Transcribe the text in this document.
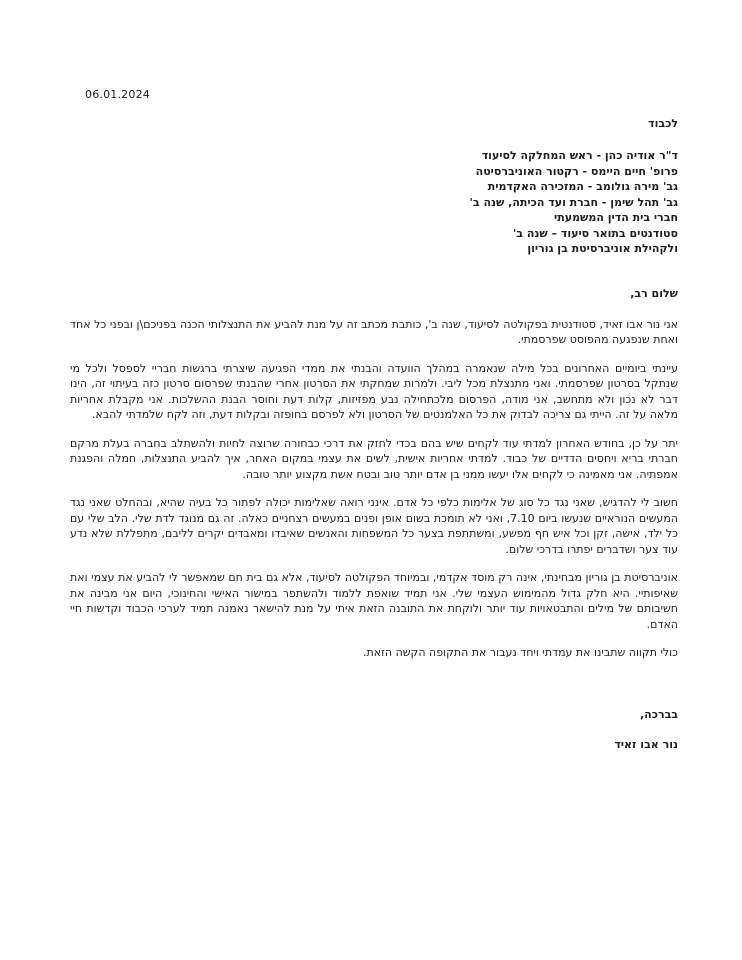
06.01.2024
לכבוד
ד"ר אודיה כהן - ראש המחלקה לסיעוד
פרופ' חיים היימס - רקטור האוניברסיטה
גב' מירה גולומב - המזכירה האקדמית
גב' תהל שימן - חברת ועד הכיתה, שנה ב'
חברי בית הדין המשמעתי
סטודנטים בתואר סיעוד – שנה ב'
ולקהילת אוניברסיטת בן גוריון
שלום רב,
אני נור אבו זאיד, סטודנטית בפקולטה לסיעוד, שנה ב', כותבת מכתב זה על מנת להביע את התנצלותי הכנה בפניכם\ן ובפני כל אחד ואחת שנפגעה מהפוסט שפרסמתי.
עיינתי ביומיים האחרונים בכל מילה שנאמרה במהלך הוועדה והבנתי את ממדי הפגיעה שיצרתי ברגשות חבריי לספסל ולכל מי שנתקל בסרטון שפרסמתי. ואני מתנצלת מכל ליבי. ולמרות שמחקתי את הסרטון אחרי שהבנתי שפרסום סרטון כזה בעיתוי זה, הינו דבר לא נכון ולא מתחשב, אני מודה, הפרסום מלכתחילה נבע מפזיזות, קלות דעת וחוסר הבנת ההשלכות. אני מקבלת אחריות מלאה על זה. הייתי גם צריכה לבדוק את כל האלמנטים של הסרטון ולא לפרסם בחופזה ובקלות דעת, וזה לקח שלמדתי להבא.
יתר על כן, בחודש האחרון למדתי עוד לקחים שיש בהם בכדי לחזק את דרכי כבחורה שרוצה לחיות ולהשתלב בחברה בעלת מרקם חברתי בריא ויחסים הדדיים של כבוד. למדתי אחריות אישית, לשים את עצמי במקום האחר, איך להביע התנצלות, חמלה והפגנת אמפתיה. אני מאמינה כי לקחים אלו יעשו ממני בן אדם יותר טוב ובטח אשת מקצוע יותר טובה.
חשוב לי להדגיש, שאני נגד כל סוג של אלימות כלפי כל אדם. אינני רואה שאלימות יכולה לפתור כל בעיה שהיא, ובהחלט שאני נגד המעשים הנוראיים שנעשו ביום 7.10, ואני לא תומכת בשום אופן ופנים במעשים רצחניים כאלה. זה גם מנוגד לדת שלי. הלב שלי עם כל ילד, אישה, זקן וכל איש חף מפשע, ומשתתפת בצער כל המשפחות והאנשים שאיבדו ומאבדים יקרים לליבם, מתפללת שלא נדע עוד צער ושדברים יפתרו בדרכי שלום.
אוניברסיטת בן גוריון מבחינתי, אינה רק מוסד אקדמי, ובמיוחד הפקולטה לסיעוד, אלא גם בית חם שמאפשר לי להביע את עצמי ואת שאיפותיי. היא חלק גדול מהמימוש העצמי שלי. אני תמיד שואפת ללמוד ולהשתפר במישור האישי והחינוכי, היום אני מבינה את חשיבותם של מילים והתבטאויות עוד יותר ולוקחת את התובנה הזאת איתי על מנת להישאר נאמנה תמיד לערכי הכבוד וקדשות חיי האדם.
כולי תקווה שתבינו את עמדתי ויחד נעבור את התקופה הקשה הזאת.
בברכה,
נור אבו זאיד
